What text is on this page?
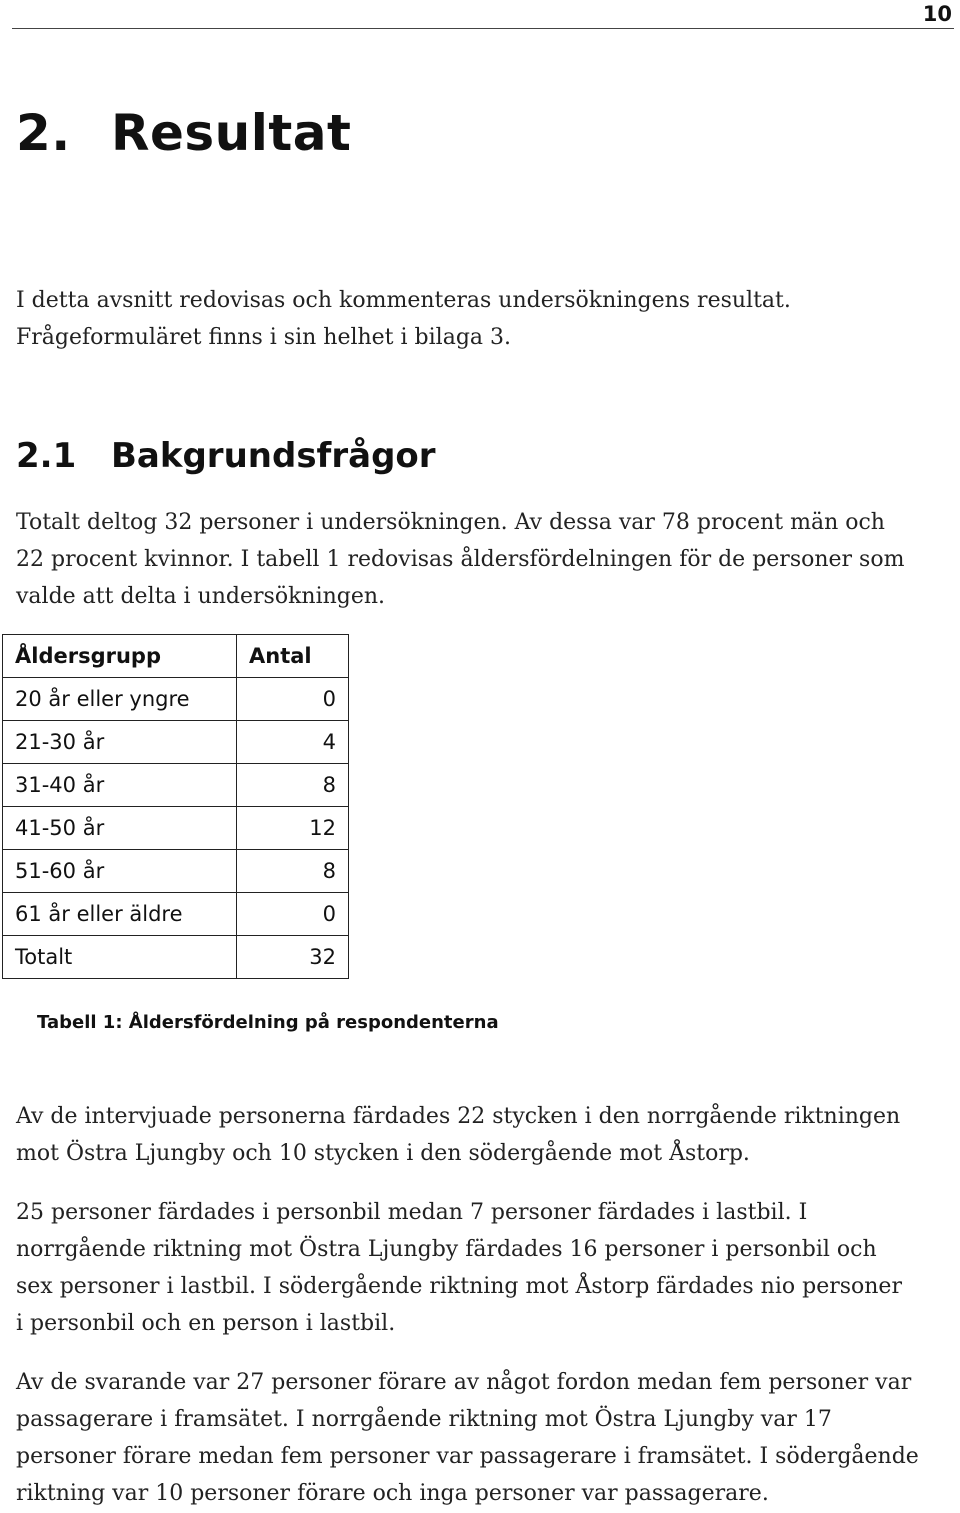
10
2. Resultat

I detta avsnitt redovisas och kommenteras undersökningens resultat.
Frågeformuläret finns i sin helhet i bilaga 3.

2.1 Bakgrundsfrågor

Totalt deltog 32 personer i undersökningen. Av dessa var 78 procent män och
22 procent kvinnor. I tabell 1 redovisas åldersfördelningen för de personer som
valde att delta i undersökningen.

Åldersgrupp	Antal
20 år eller yngre	0
21-30 år	4
31-40 år	8
41-50 år	12
51-60 år	8
61 år eller äldre	0
Totalt	32
Tabell 1: Åldersfördelning på respondenterna

Av de intervjuade personerna färdades 22 stycken i den norrgående riktningen
mot Östra Ljungby och 10 stycken i den södergående mot Åstorp.

25 personer färdades i personbil medan 7 personer färdades i lastbil. I
norrgående riktning mot Östra Ljungby färdades 16 personer i personbil och
sex personer i lastbil. I södergående riktning mot Åstorp färdades nio personer
i personbil och en person i lastbil.

Av de svarande var 27 personer förare av något fordon medan fem personer var
passagerare i framsätet. I norrgående riktning mot Östra Ljungby var 17
personer förare medan fem personer var passagerare i framsätet. I södergående
riktning var 10 personer förare och inga personer var passagerare.
